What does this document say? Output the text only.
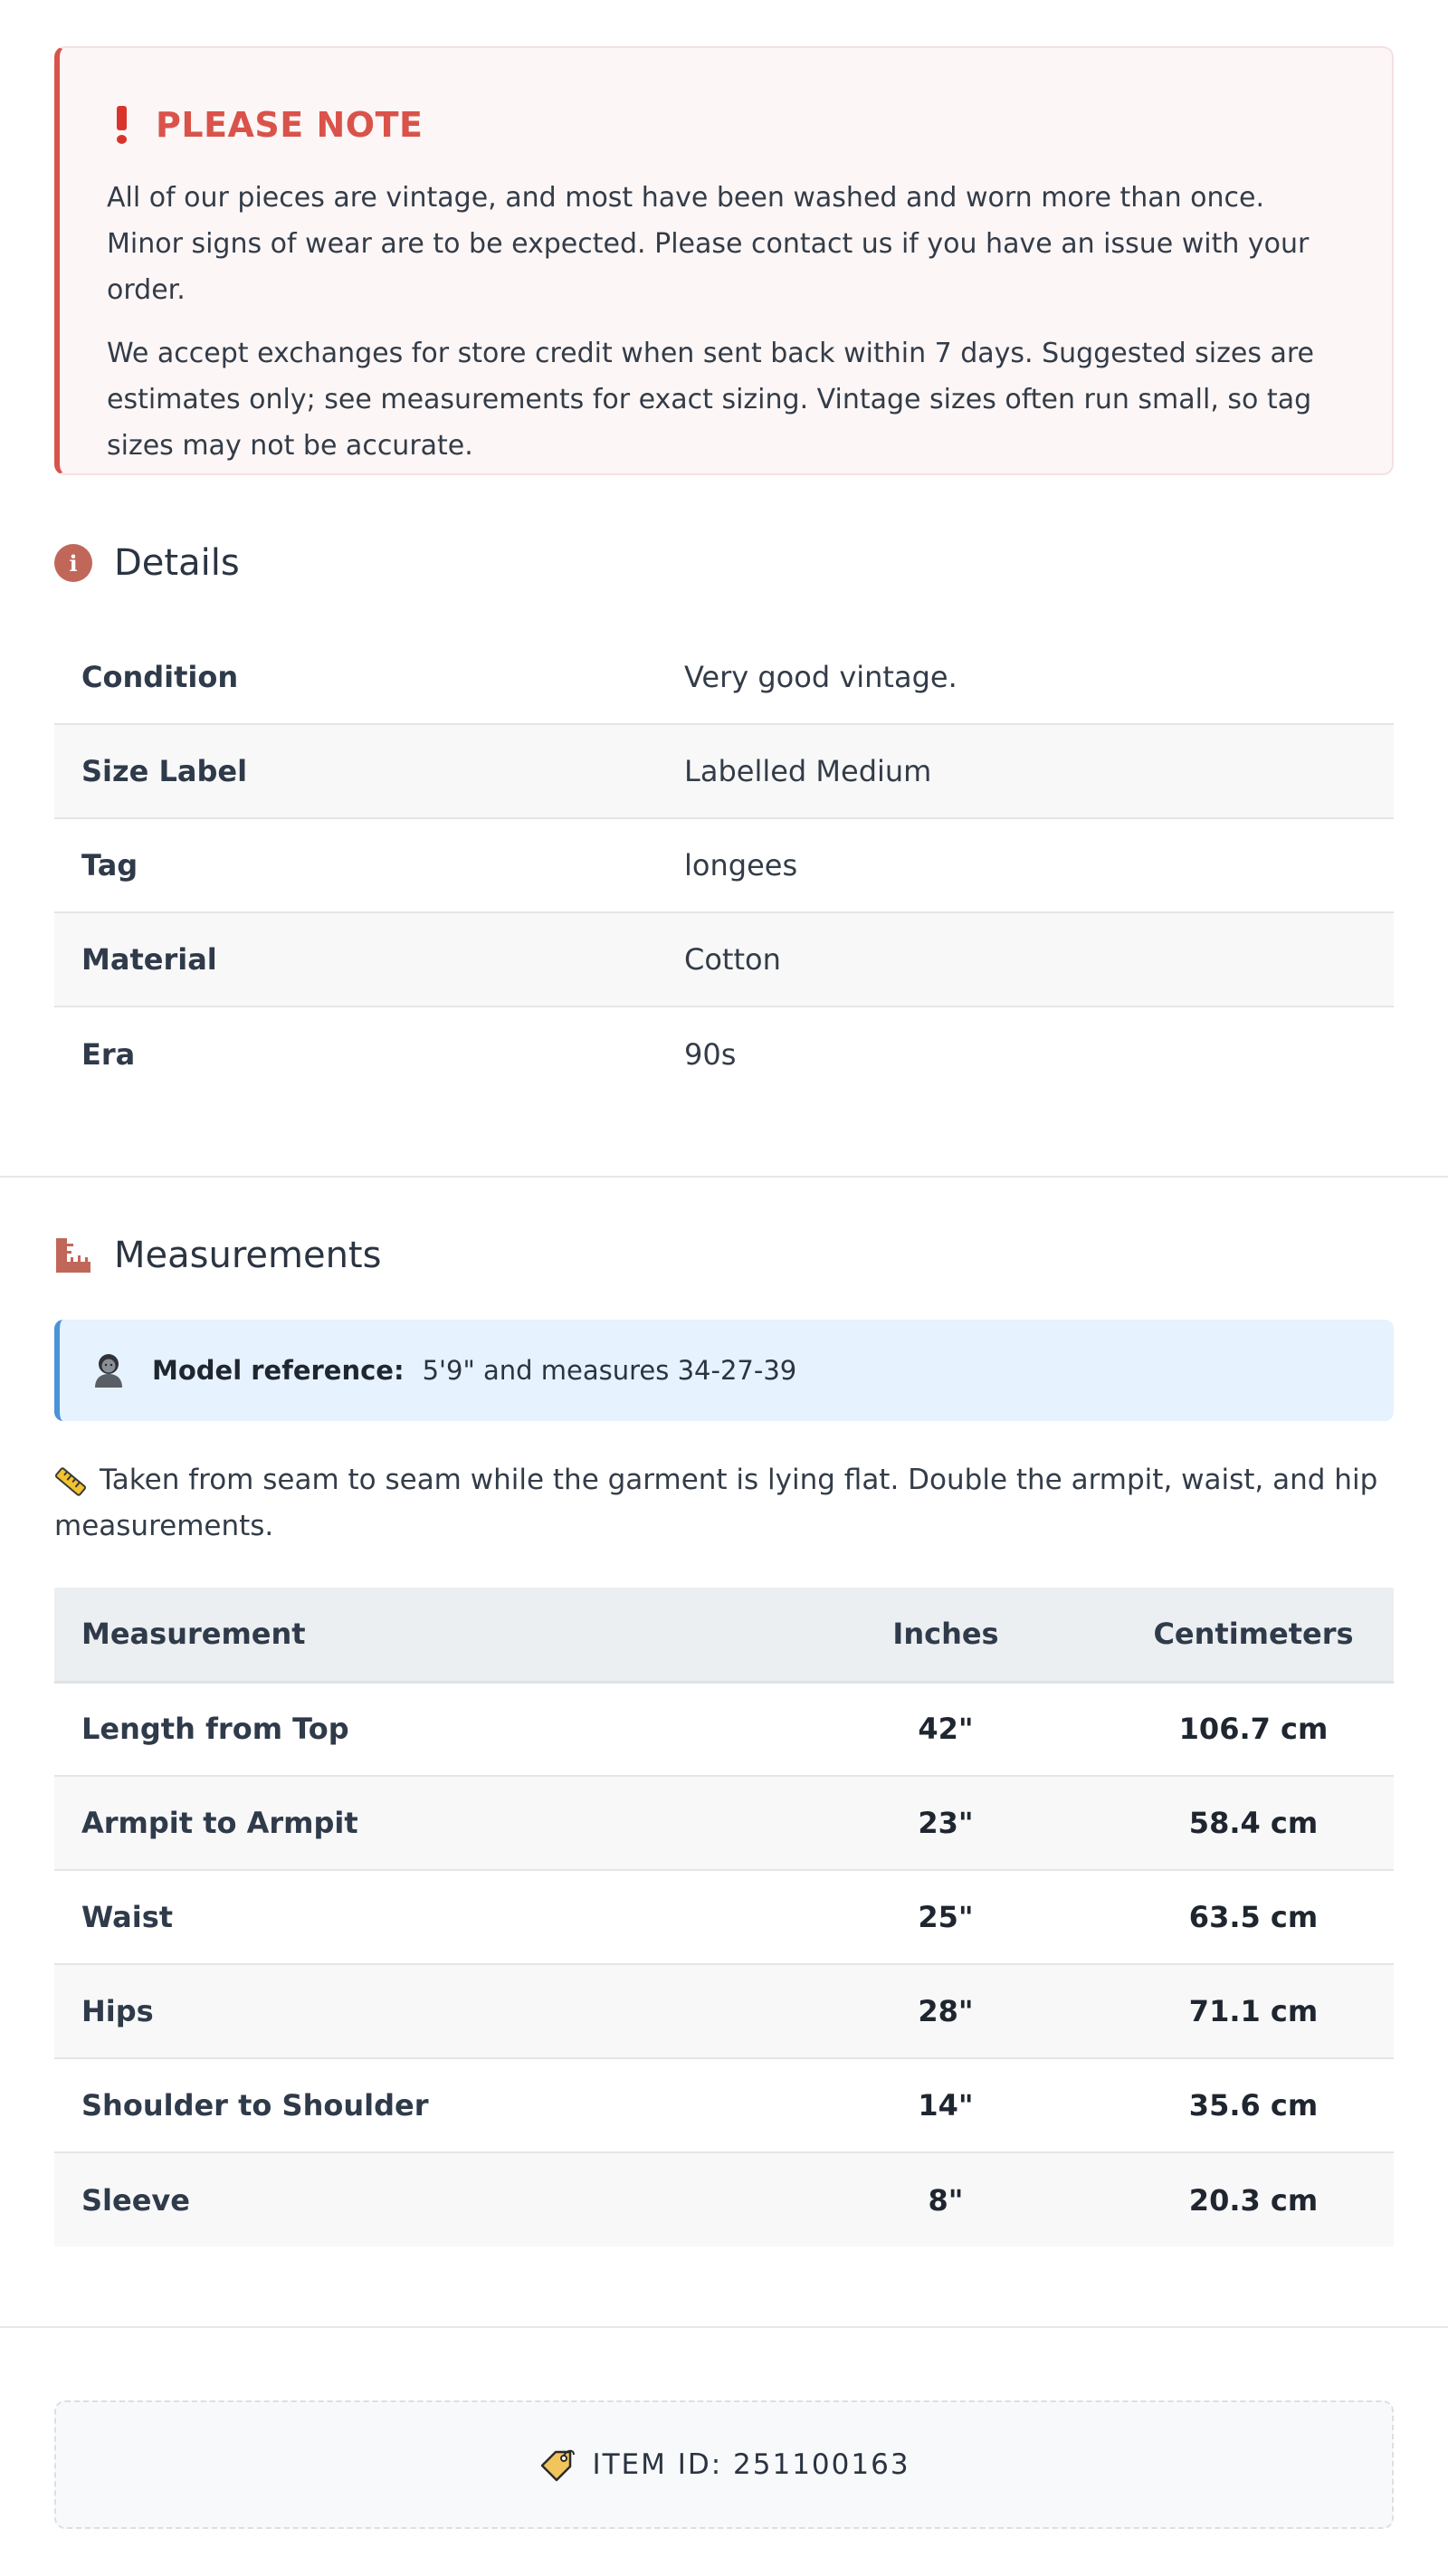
PLEASE NOTE

All of our pieces are vintage, and most have been washed and worn more than once. Minor signs of wear are to be expected. Please contact us if you have an issue with your order.

We accept exchanges for store credit when sent back within 7 days. Suggested sizes are estimates only; see measurements for exact sizing. Vintage sizes often run small, so tag sizes may not be accurate.

i	Details
Condition	Very good vintage.
Size Label	Labelled Medium
Tag	longees
Material	Cotton
Era	90s
Measurements
Model reference: 5'9" and measures 34-27-39
Taken from seam to seam while the garment is lying flat. Double the armpit, waist, and hip measurements.
Measurement	Inches	Centimeters
Length from Top	42"	106.7 cm
Armpit to Armpit	23"	58.4 cm
Waist	25"	63.5 cm
Hips	28"	71.1 cm
Shoulder to Shoulder	14"	35.6 cm
Sleeve	8"	20.3 cm
ITEM ID: 251100163
